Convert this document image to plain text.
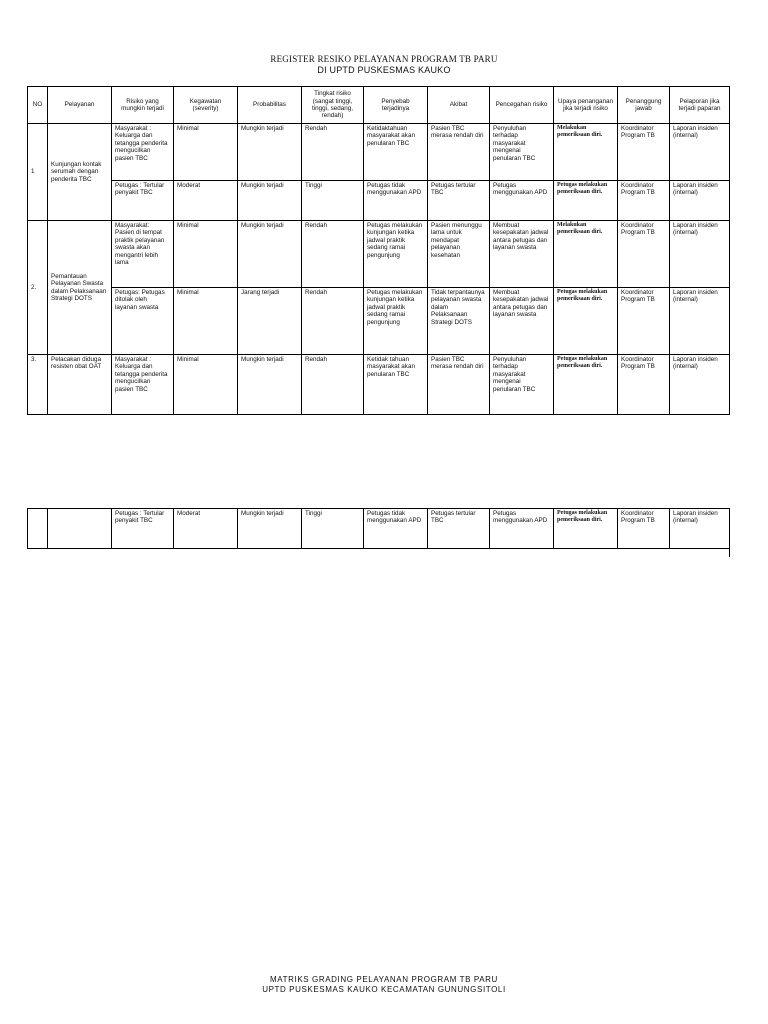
REGISTER RESIKO PELAYANAN PROGRAM TB PARU
DI UPTD PUSKESMAS KAUKO
NO	Pelayanan	Risiko yang mungkin terjadi	Kegawatan (severity)	Probabilitas	Tingkat risiko (sangat tinggi, tinggi, sedang, rendah)	Penyebab terjadinya	Akibat	Pencegahan risiko	Upaya penanganan jika terjadi risiko	Penanggung jawab	Pelaporan jika terjadi paparan
1	Kunjungan kontak serumah dengan penderita TBC	Masyarakat : Keluarga dan tetangga penderita mengucilkan pasien TBC	Minimal	Mungkin terjadi	Rendah	Ketidaktahuan masyarakat akan penularan TBC	Pasien TBC merasa rendah diri	Penyuluhan terhadap masyarakat mengenai penularan TBC	Melakukan pemeriksaan diri.	Koordinator Program TB	Laporan insiden (internal)
		Petugas : Tertular penyakit TBC	Moderat	Mungkin terjadi	Tinggi	Petugas tidak menggunakan APD	Petugas tertular TBC	Petugas menggunakan APD	Petugas melakukan pemeriksaan diri.	Koordinator Program TB	Laporan insiden (internal)
2.	Pemantauan Pelayanan Swasta dalam Pelaksanaan Strategi DOTS	Masyarakat: Pasien di tempat praktik pelayanan swasta akan mengantri lebih lama	Minimal	Mungkin terjadi	Rendah	Petugas melakukan kunjungan ketika jadwal praktik sedang ramai pengunjung	Pasien menunggu lama untuk mendapat pelayanan kesehatan	Membuat kesepakatan jadwal antara petugas dan layanan swasta	Melakukan pemeriksaan diri.	Koordinator Program TB	Laporan insiden (internal)
		Petugas: Petugas ditolak oleh layanan swasta	Minimal	Jarang terjadi	Rendah	Petugas melakukan kunjungan ketika jadwal praktik sedang ramai pengunjung	Tidak terpantaunya pelayanan swasta dalam Pelaksanaan Strategi DOTS	Membuat kesepakatan jadwal antara petugas dan layanan swasta	Petugas melakukan pemeriksaan diri.	Koordinator Program TB	Laporan insiden (internal)
3.	Pelacakan diduga resisten obat OAT	Masyarakat : Keluarga dan tetangga penderita mengucilkan pasien TBC	Minimal	Mungkin terjadi	Rendah	Ketidak tahuan masyarakat akan penularan TBC	Pasien TBC merasa rendah diri	Penyuluhan terhadap masyarakat mengenai penularan TBC	Petugas melakukan pemeriksaan diri.	Koordinator Program TB	Laporan insiden (internal)
		Petugas : Tertular penyakit TBC	Moderat	Mungkin terjadi	Tinggi	Petugas tidak menggunakan APD	Petugas tertular TBC	Petugas menggunakan APD	Petugas melakukan pemeriksaan diri.	Koordinator Program TB	Laporan insiden (internal)
MATRIKS GRADING PELAYANAN PROGRAM TB PARU
UPTD PUSKESMAS KAUKO KECAMATAN GUNUNGSITOLI
